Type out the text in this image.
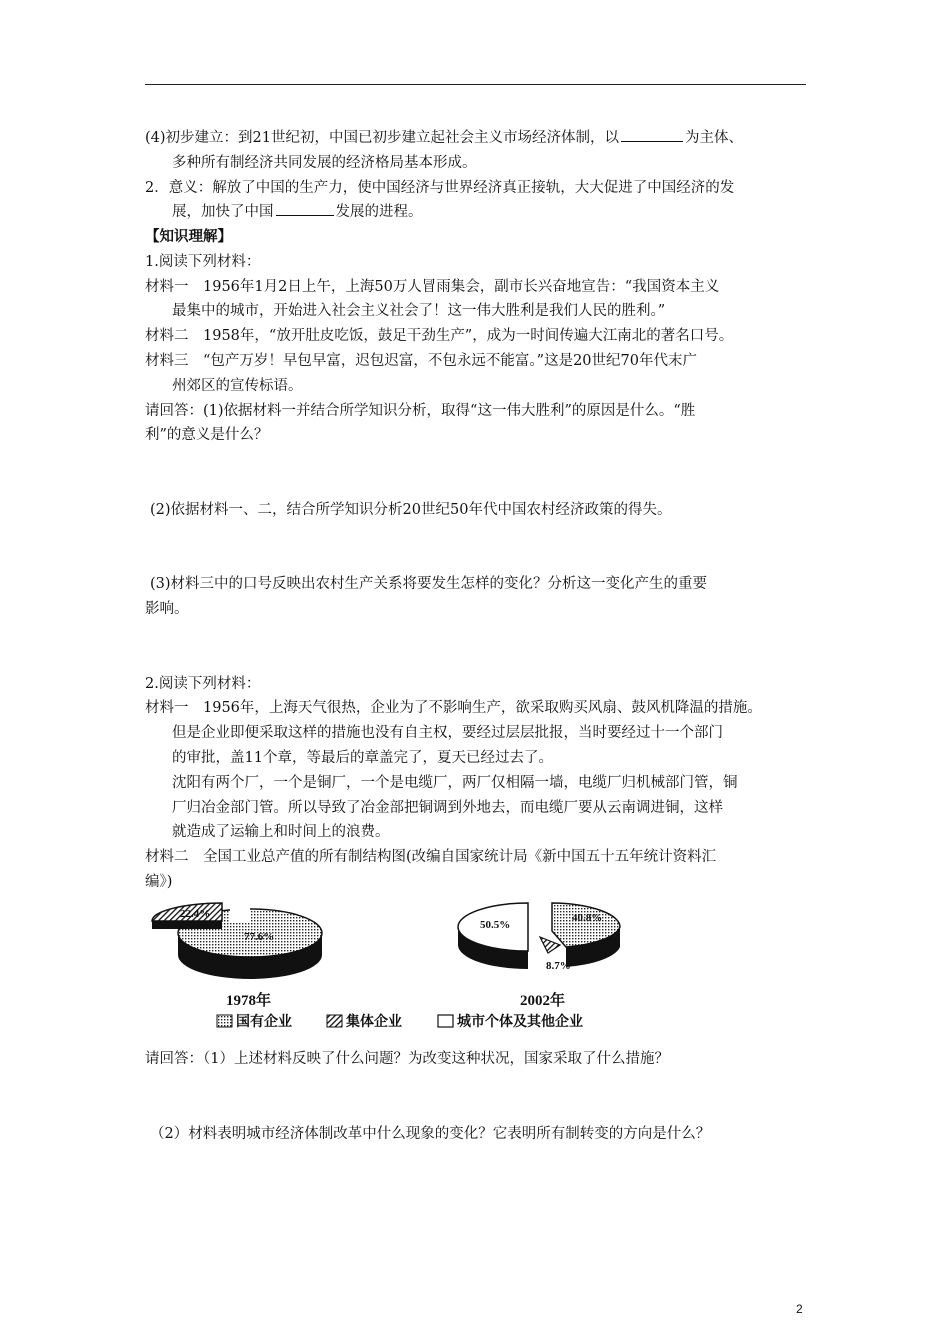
(4)初步建立：到21世纪初，中国已初步建立起社会主义市场经济体制，以	为主体、
多种所有制经济共同发展的经济格局基本形成。
2．意义：解放了中国的生产力，使中国经济与世界经济真正接轨，大大促进了中国经济的发
展，加快了中国	发展的进程。
【知识理解】
1.阅读下列材料：
材料一　1956年1月2日上午，上海50万人冒雨集会，副市长兴奋地宣告：“我国资本主义
最集中的城市，开始进入社会主义社会了！这一伟大胜利是我们人民的胜利。”
材料二　1958年，“放开肚皮吃饭，鼓足干劲生产”，成为一时间传遍大江南北的著名口号。
材料三　“包产万岁！早包早富，迟包迟富，不包永远不能富。”这是20世纪70年代末广
州郊区的宣传标语。
请回答：(1)依据材料一并结合所学知识分析，取得“这一伟大胜利”的原因是什么。“胜
利”的意义是什么？
(2)依据材料一、二，结合所学知识分析20世纪50年代中国农村经济政策的得失。
(3)材料三中的口号反映出农村生产关系将要发生怎样的变化？分析这一变化产生的重要
影响。
2.阅读下列材料：
材料一　1956年，上海天气很热，企业为了不影响生产，欲采取购买风扇、鼓风机降温的措施。
但是企业即便采取这样的措施也没有自主权，要经过层层批报，当时要经过十一个部门
的审批，盖11个章，等最后的章盖完了，夏天已经过去了。
沈阳有两个厂，一个是铜厂，一个是电缆厂，两厂仅相隔一墙，电缆厂归机械部门管，铜
厂归冶金部门管。所以导致了冶金部把铜调到外地去，而电缆厂要从云南调进铜，这样
就造成了运输上和时间上的浪费。
材料二　全国工业总产值的所有制结构图(改编自国家统计局《新中国五十五年统计资料汇
编》)
22.4%
77.6%
1978年
50.5%
40.8%
8.7%
2002年
国有企业	集体企业	城市个体及其他企业
请回答：（1）上述材料反映了什么问题？为改变这种状况，国家采取了什么措施？
（2）材料表明城市经济体制改革中什么现象的变化？它表明所有制转变的方向是什么？
2
